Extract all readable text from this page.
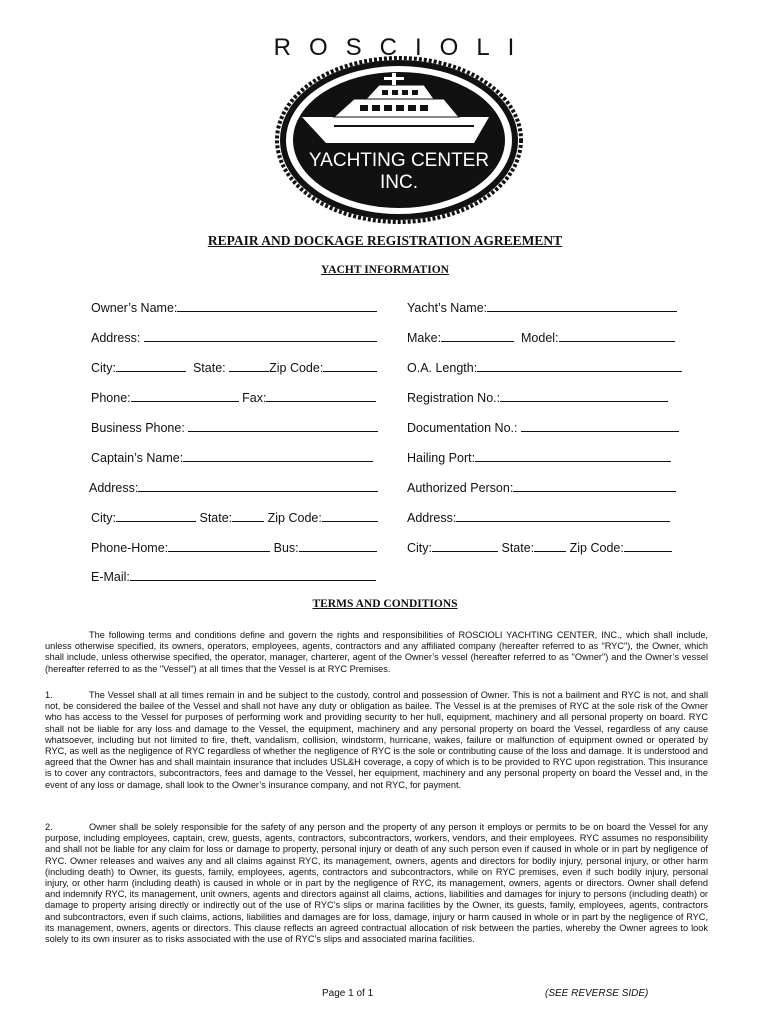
ROSCIOLI
YACHTING CENTER
INC.
REPAIR AND DOCKAGE REGISTRATION AGREEMENT
YACHT INFORMATION
Owner’s Name:	Yacht’s Name:
Address:	Make:	Model:
City:	State:	Zip Code:	O.A. Length:
Phone:	Fax:	Registration No.:
Business Phone:	Documentation No.:
Captain’s Name:	Hailing Port:
Address:	Authorized Person:
City:	State:	Zip Code:	Address:
Phone-Home:	Bus:	City:	State:	Zip Code:
E-Mail:
TERMS AND CONDITIONS

The following terms and conditions define and govern the rights and responsibilities of ROSCIOLI YACHTING CENTER, INC., which shall include, unless otherwise specified, its owners, operators, employees, agents, contractors and any affiliated company (hereafter referred to as "RYC"), the Owner, which shall include, unless otherwise specified, the operator, manager, charterer, agent of the Owner’s vessel (hereafter referred to as "Owner") and the Owner’s vessel (hereafter referred to as the "Vessel") at all times that the Vessel is at RYC Premises.

1.	The Vessel shall at all times remain in and be subject to the custody, control and possession of Owner. This is not a bailment and RYC is not, and shall not, be considered the bailee of the Vessel and shall not have any duty or obligation as bailee. The Vessel is at the premises of RYC at the sole risk of the Owner who has access to the Vessel for purposes of performing work and providing security to her hull, equipment, machinery and all personal property on board. RYC shall not be liable for any loss and damage to the Vessel, the equipment, machinery and any personal property on board the Vessel, regardless of any cause whatsoever, including but not limited to fire, theft, vandalism, collision, windstorm, hurricane, wakes, failure or malfunction of equipment owned or operated by RYC, as well as the negligence of RYC regardless of whether the negligence of RYC is the sole or contributing cause of the loss and damage. It is understood and agreed that the Owner has and shall maintain insurance that includes USL&H coverage, a copy of which is to be provided to RYC upon registration. This insurance is to cover any contractors, subcontractors, fees and damage to the Vessel, her equipment, machinery and any personal property on board the Vessel and, in the event of any loss or damage, shall look to the Owner’s insurance company, and not RYC, for payment.

2.	Owner shall be solely responsible for the safety of any person and the property of any person it employs or permits to be on board the Vessel for any purpose, including employees, captain, crew, guests, agents, contractors, subcontractors, workers, vendors, and their employees. RYC assumes no responsibility and shall not be liable for any claim for loss or damage to property, personal injury or death of any such person even if caused in whole or in part by negligence of RYC. Owner releases and waives any and all claims against RYC, its management, owners, agents and directors for bodily injury, personal injury, or other harm (including death) to Owner, its guests, family, employees, agents, contractors and subcontractors, while on RYC premises, even if such bodily injury, personal injury, or other harm (including death) is caused in whole or in part by the negligence of RYC, its management, owners, agents or directors. Owner shall defend and indemnify RYC, its management, unit owners, agents and directors against all claims, actions, liabilities and damages for injury to persons (including death) or damage to property arising directly or indirectly out of the use of RYC’s slips or marina facilities by the Owner, its guests, family, employees, agents, contractors and subcontractors, even if such claims, actions, liabilities and damages are for loss, damage, injury or harm caused in whole or in part by the negligence of RYC, its management, owners, agents or directors. This clause reflects an agreed contractual allocation of risk between the parties, whereby the Owner agrees to look solely to its own insurer as to risks associated with the use of RYC’s slips and associated marina facilities.

Page 1 of 1	(SEE REVERSE SIDE)
